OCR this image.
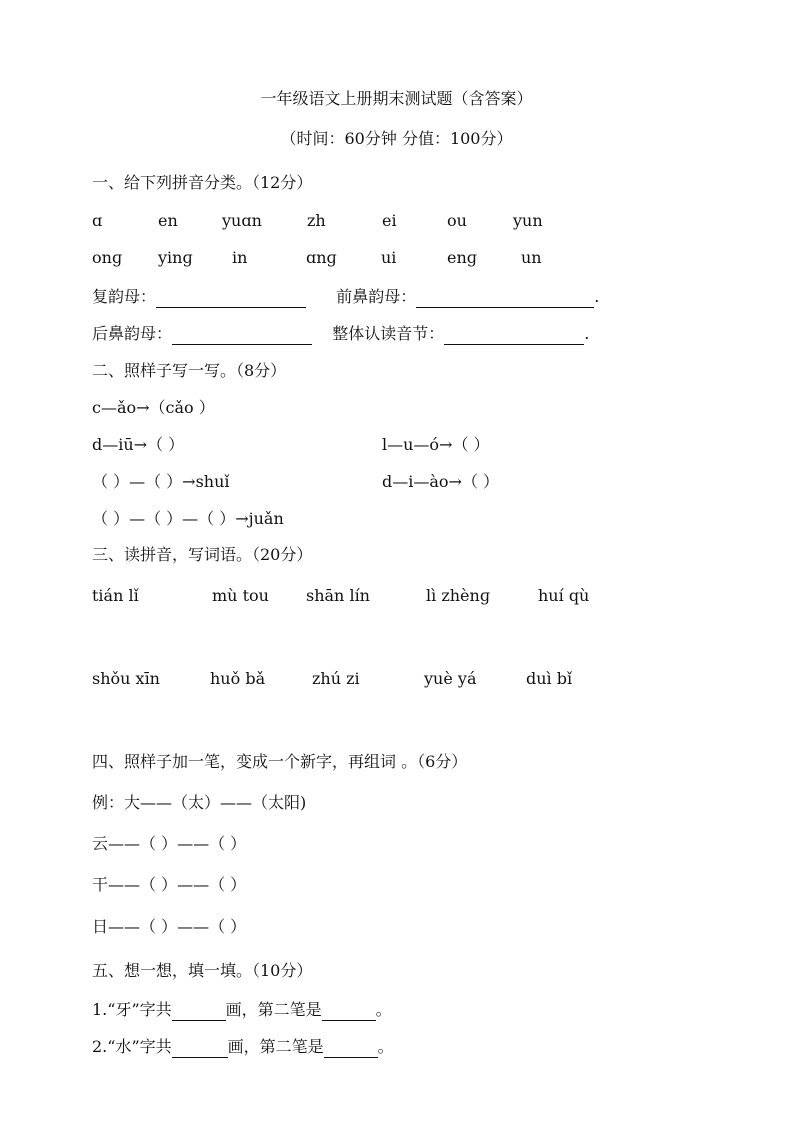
一年级语文上册期末测试题（含答案）
（时间：60分钟 分值：100分）
一、给下列拼音分类。（12分）
ɑ	en	yuɑn	zh	ei	ou	yun
onɡ yinɡ in	ɑnɡ	ui	enɡ	un
复韵母：	前鼻韵母：	.
后鼻韵母：	整体认读音节：	.
二、照样子写一写。（8分）
c—ǎo→（cǎo ）
d—iū→（ ）	l—u—ó→（ ）
（ ）—（ ）→shuǐ	d—i—ào→（ ）
（ ）—（ ）—（ ）→juǎn
三、读拼音，写词语。（20分）
tián lǐ	mù tou shān lín	lì zhènɡ	huí qù
shǒu xīn	huǒ bǎ	zhú zi	yuè yá	duì bǐ
四、照样子加一笔，变成一个新字，再组词 。（6分）
例：大——（太）——（太阳)
云——（ ）——（ ）
干——（ ）——（ ）
日——（ ）——（ ）
五、想一想，填一填。（10分）
1.“牙”字共	画，第二笔是	。
2.“水”字共	画，第二笔是	。
